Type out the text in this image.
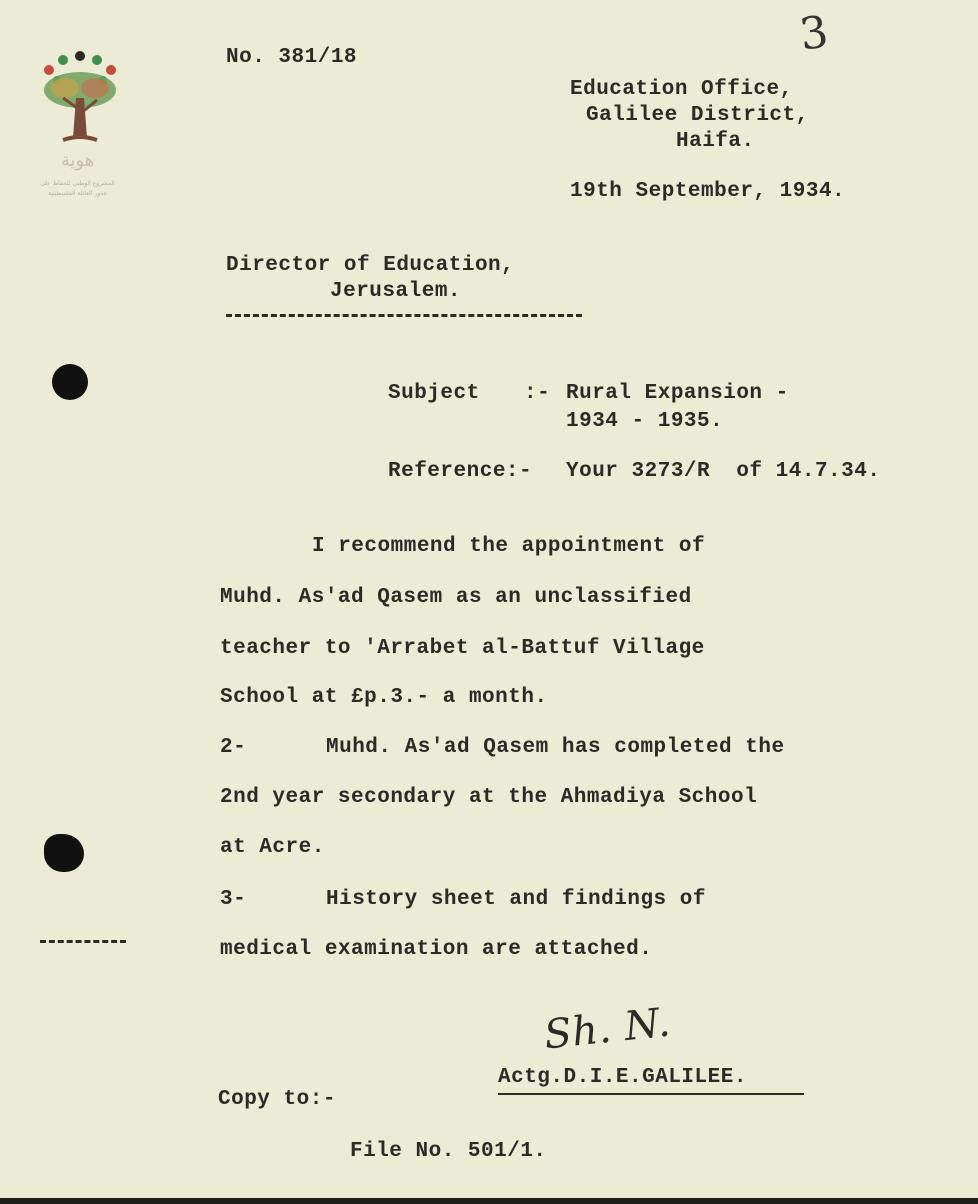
هوية
المشروع الوطني للحفاظ على
جذور العائلة الفلسطينية
3
No. 381/18
Education Office,
Galilee District,
Haifa.
19th September, 1934.
Director of Education,
Jerusalem.
Subject :- Rural Expansion -
1934 - 1935.
Reference:- Your 3273/R  of 14.7.34.
I recommend the appointment of
Muhd. As'ad Qasem as an unclassified
teacher to 'Arrabet al-Battuf Village
School at £p.3.- a month.
2-	Muhd. As'ad Qasem has completed the
2nd year secondary at the Ahmadiya School
at Acre.
3-	History sheet and findings of
medical examination are attached.
Sh. N.
Actg.D.I.E.GALILEE.
Copy to:-
File No. 501/1.
